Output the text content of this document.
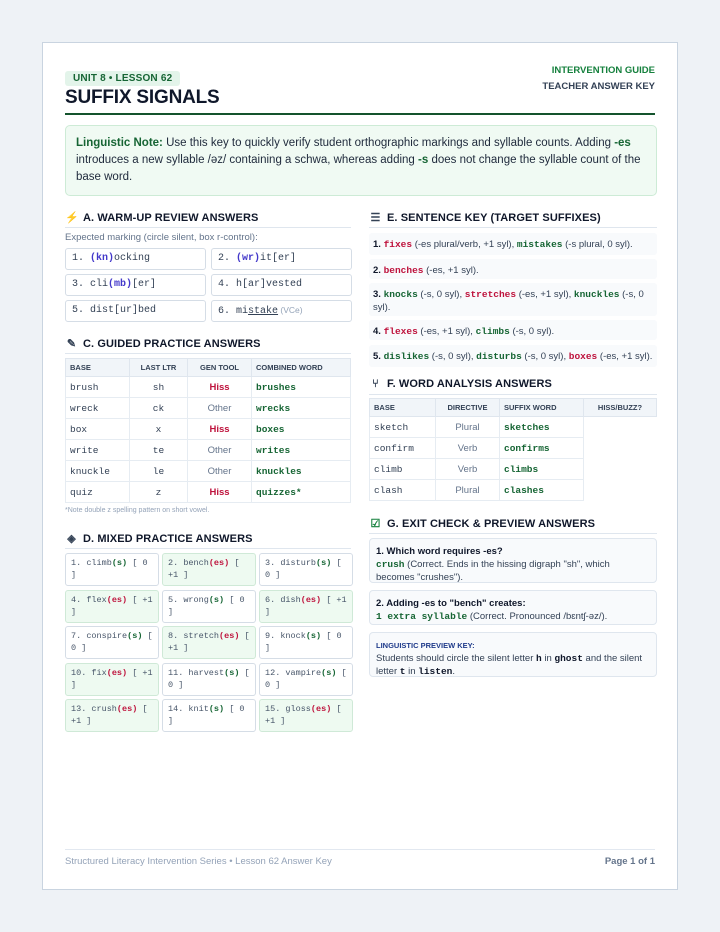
UNIT 8 • LESSON 62
SUFFIX SIGNALS
INTERVENTION GUIDE
TEACHER ANSWER KEY
Linguistic Note: Use this key to quickly verify student orthographic markings and syllable counts. Adding -es introduces a new syllable /əz/ containing a schwa, whereas adding -s does not change the syllable count of the base word.
⚡ A. WARM-UP REVIEW ANSWERS
Expected marking (circle silent, box r-control):
✎ C. GUIDED PRACTICE ANSWERS
BASE	LAST LTR	GEN TOOL	COMBINED WORD
brush	sh	Hiss	brushes
wreck	ck	Other	wrecks
box	x	Hiss	boxes
write	te	Other	writes
knuckle	le	Other	knuckles
quiz	z	Hiss	quizzes*
*Note double z spelling pattern on short vowel.
◈ D. MIXED PRACTICE ANSWERS
☰ E. SENTENCE KEY (TARGET SUFFIXES)
⑂ F. WORD ANALYSIS ANSWERS
BASE	DIRECTIVE	SUFFIX WORD	HISS/BUZZ?
sketch	Plural	sketches	
confirm	Verb	confirms	
climb	Verb	climbs	
clash	Plural	clashes	
☑ G. EXIT CHECK & PREVIEW ANSWERS
1. Which word requires -es?
crush (Correct. Ends in the hissing digraph "sh", which becomes "crushes").
2. Adding -es to "bench" creates:
1 extra syllable (Correct. Pronounced /bɛntʃ-əz/).
LINGUISTIC PREVIEW KEY:
Students should circle the silent letter h in ghost and the silent letter t in listen.
Structured Literacy Intervention Series • Lesson 62 Answer Key	Page 1 of 1
1. (kn)ocking	2. (wr)it[er]
3. cli(mb)[er]	4. h[ar]vested
5. dist[ur]bed	6. mistake (VCe)
1. climb(s) [ 0 ]
2. bench(es) [ +1 ]
3. disturb(s) [ 0 ]
4. flex(es) [ +1 ]
5. wrong(s) [ 0 ]
6. dish(es) [ +1 ]
7. conspire(s) [ 0 ]
8. stretch(es) [ +1 ]
9. knock(s) [ 0 ]
10. fix(es) [ +1 ]
11. harvest(s) [ 0 ]
12. vampire(s) [ 0 ]
13. crush(es) [ +1 ]
14. knit(s) [ 0 ]
15. gloss(es) [ +1 ]
1. fixes (-es plural/verb, +1 syl), mistakes (-s plural, 0 syl).
2. benches (-es, +1 syl).
3. knocks (-s, 0 syl), stretches (-es, +1 syl), knuckles (-s, 0 syl).
4. flexes (-es, +1 syl), climbs (-s, 0 syl).
5. dislikes (-s, 0 syl), disturbs (-s, 0 syl), boxes (-es, +1 syl).
